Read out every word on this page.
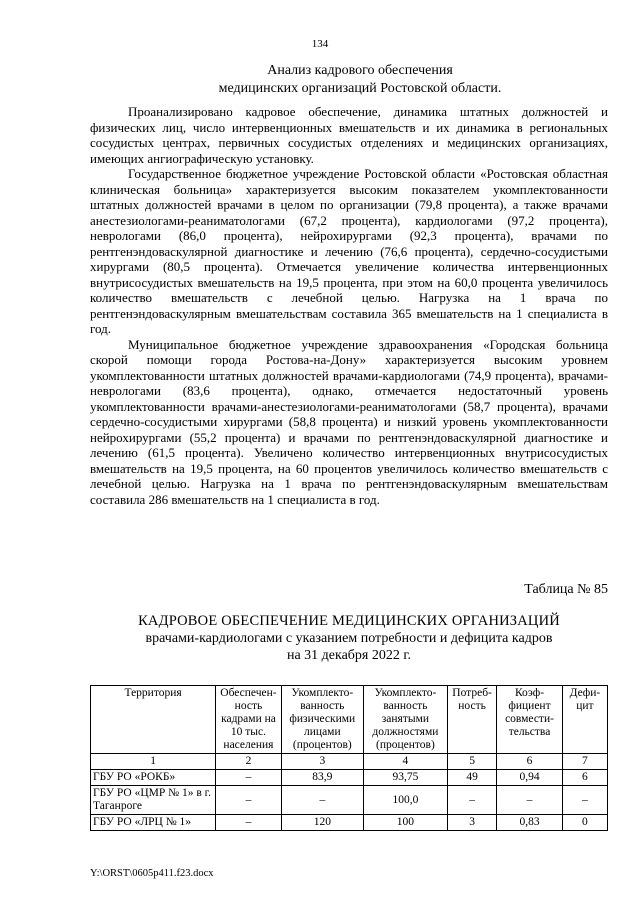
134
Анализ кадрового обеспечения
медицинских организаций Ростовской области.

Проанализировано кадровое обеспечение, динамика штатных должностей и физических лиц, число интервенционных вмешательств и их динамика в региональных сосудистых центрах, первичных сосудистых отделениях и медицинских организациях, имеющих ангиографическую установку.

Государственное бюджетное учреждение Ростовской области «Ростовская областная клиническая больница» характеризуется высоким показателем укомплектованности штатных должностей врачами в целом по организации (79,8 процента), а также врачами анестезиологами-реаниматологами (67,2 процента), кардиологами (97,2 процента), неврологами (86,0 процента), нейрохирургами (92,3 процента), врачами по рентгенэндоваскулярной диагностике и лечению (76,6 процента), сердечно-сосудистыми хирургами (80,5 процента). Отмечается увеличение количества интервенционных внутрисосудистых вмешательств на 19,5 процента, при этом на 60,0 процента увеличилось количество вмешательств с лечебной целью. Нагрузка на 1 врача по рентгенэндоваскулярным вмешательствам составила 365 вмешательств на 1 специалиста в год.

Муниципальное бюджетное учреждение здравоохранения «Городская больница скорой помощи города Ростова-на-Дону» характеризуется высоким уровнем укомплектованности штатных должностей врачами-кардиологами (74,9 процента), врачами-неврологами (83,6 процента), однако, отмечается недостаточный уровень укомплектованности врачами-анестезиологами-реаниматологами (58,7 процента), врачами сердечно-сосудистыми хирургами (58,8 процента) и низкий уровень укомплектованности нейрохирургами (55,2 процента) и врачами по рентгенэндоваскулярной диагностике и лечению (61,5 процента). Увеличено количество интервенционных внутрисосудистых вмешательств на 19,5 процента, на 60 процентов увеличилось количество вмешательств с лечебной целью. Нагрузка на 1 врача по рентгенэндоваскулярным вмешательствам составила 286 вмешательств на 1 специалиста в год.

Таблица № 85
КАДРОВОЕ ОБЕСПЕЧЕНИЕ МЕДИЦИНСКИХ ОРГАНИЗАЦИЙ
врачами-кардиологами с указанием потребности и дефицита кадров
на 31 декабря 2022 г.
Территория	Обеспечен-ность кадрами на 10 тыс. населения	Укомплекто-ванность физическими лицами (процентов)	Укомплекто-ванность занятыми должностями (процентов)	Потреб-ность	Коэф-фициент совмести-тельства	Дефи-цит
1	2	3	4	5	6	7
ГБУ РО «РОКБ»	–	83,9	93,75	49	0,94	6
ГБУ РО «ЦМР № 1» в г. Таганроге	–	–	100,0	–	–	–
ГБУ РО «ЛРЦ № 1»	–	120	100	3	0,83	0
Y:\ORST\0605p411.f23.docx
